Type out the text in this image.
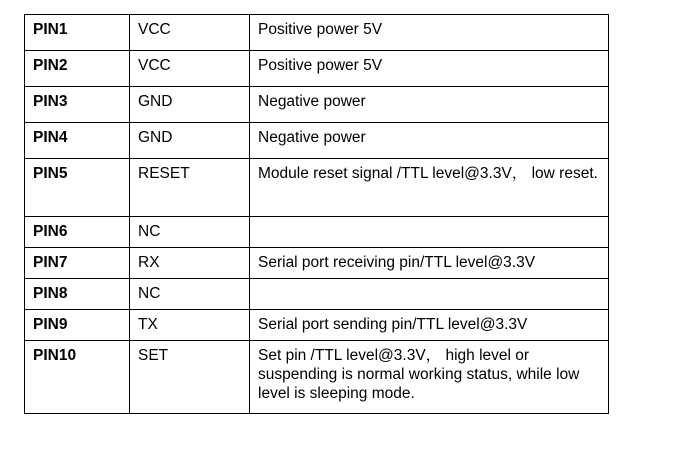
PIN1	VCC	Positive power 5V
PIN2	VCC	Positive power 5V
PIN3	GND	Negative power
PIN4	GND	Negative power
PIN5	RESET	Module reset signal /TTL level@3.3V， low reset.
PIN6	NC	
PIN7	RX	Serial port receiving pin/TTL level@3.3V
PIN8	NC	
PIN9	TX	Serial port sending pin/TTL level@3.3V
PIN10	SET	Set pin /TTL level@3.3V， high level or suspending is normal working status, while low level is sleeping mode.
